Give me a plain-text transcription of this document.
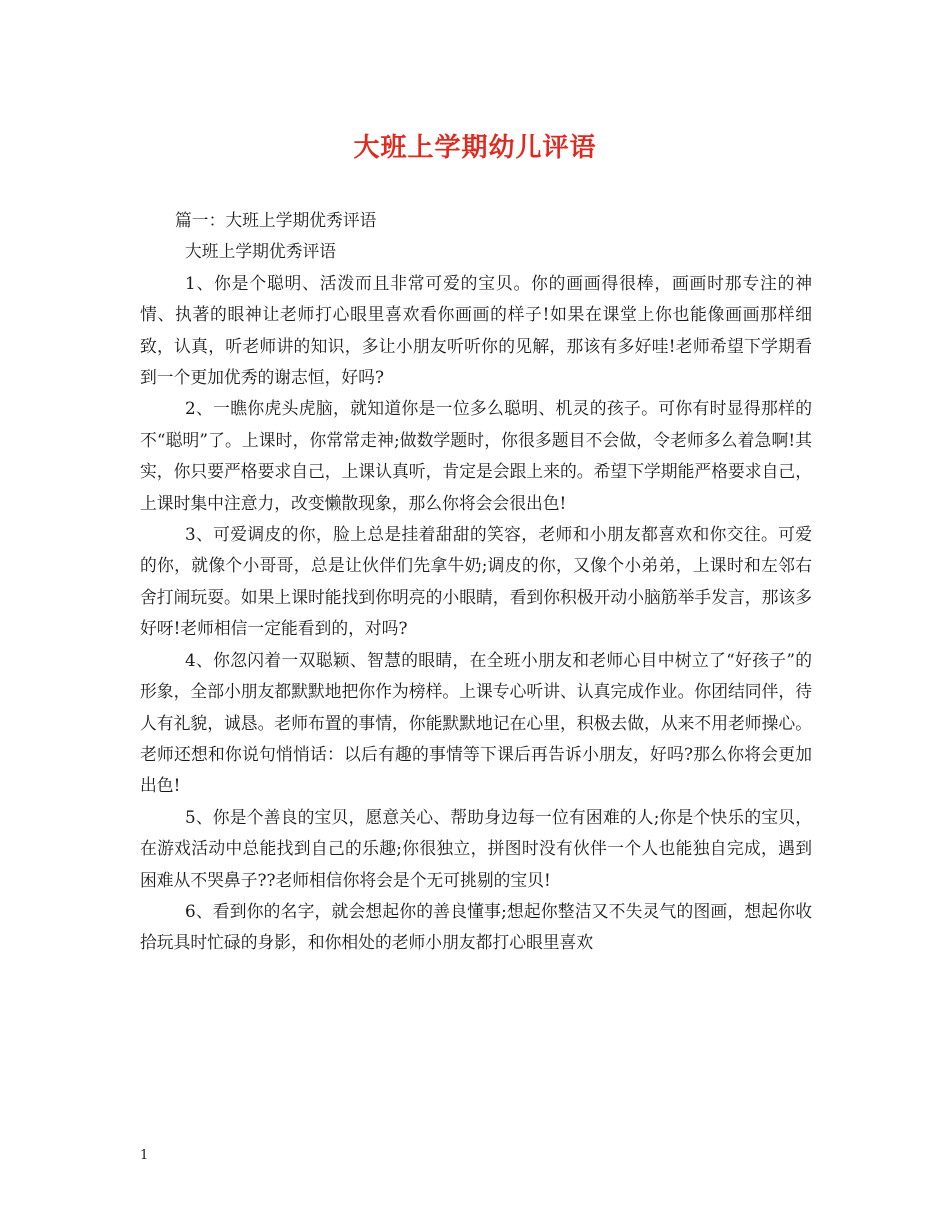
大班上学期幼儿评语

篇一：大班上学期优秀评语

大班上学期优秀评语

1、你是个聪明、活泼而且非常可爱的宝贝。你的画画得很棒，画画时那专注的神情、执著的眼神让老师打心眼里喜欢看你画画的样子!如果在课堂上你也能像画画那样细致，认真，听老师讲的知识，多让小朋友听听你的见解，那该有多好哇!老师希望下学期看到一个更加优秀的谢志恒，好吗?

2、一瞧你虎头虎脑，就知道你是一位多么聪明、机灵的孩子。可你有时显得那样的不“聪明”了。上课时，你常常走神;做数学题时，你很多题目不会做，令老师多么着急啊!其实，你只要严格要求自己，上课认真听，肯定是会跟上来的。希望下学期能严格要求自己，上课时集中注意力，改变懒散现象，那么你将会会很出色!

3、可爱调皮的你，脸上总是挂着甜甜的笑容，老师和小朋友都喜欢和你交往。可爱的你，就像个小哥哥，总是让伙伴们先拿牛奶;调皮的你，又像个小弟弟，上课时和左邻右舍打闹玩耍。如果上课时能找到你明亮的小眼睛，看到你积极开动小脑筋举手发言，那该多好呀!老师相信一定能看到的，对吗?

4、你忽闪着一双聪颖、智慧的眼睛，在全班小朋友和老师心目中树立了“好孩子”的形象，全部小朋友都默默地把你作为榜样。上课专心听讲、认真完成作业。你团结同伴，待人有礼貌，诚恳。老师布置的事情，你能默默地记在心里，积极去做，从来不用老师操心。老师还想和你说句悄悄话：以后有趣的事情等下课后再告诉小朋友，好吗?那么你将会更加出色!

5、你是个善良的宝贝，愿意关心、帮助身边每一位有困难的人;你是个快乐的宝贝，在游戏活动中总能找到自己的乐趣;你很独立，拼图时没有伙伴一个人也能独自完成，遇到困难从不哭鼻子??老师相信你将会是个无可挑剔的宝贝!

6、看到你的名字，就会想起你的善良懂事;想起你整洁又不失灵气的图画，想起你收拾玩具时忙碌的身影，和你相处的老师小朋友都打心眼里喜欢

1
